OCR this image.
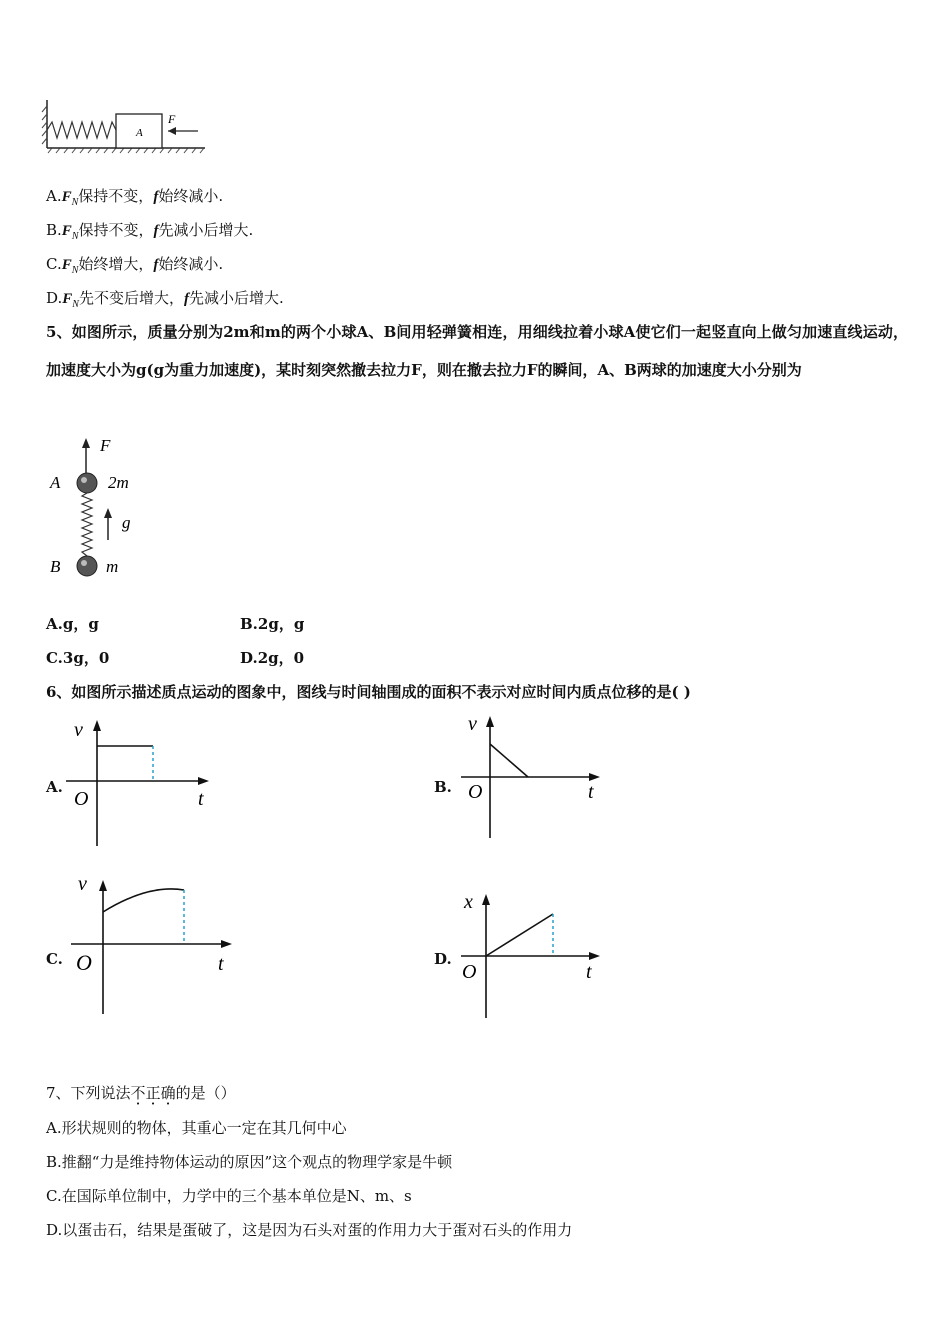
A
F
$A.F_N$保持不变，f始终减小.
$B.F_N$保持不变，f先减小后增大.
$C.F_N$始终增大，f始终减小.
$D.F_N$先不变后增大，f先减小后增大.
5、如图所示，质量分别为2m和m的两个小球A、B间用轻弹簧相连，用细线拉着小球A使它们一起竖直向上做匀加速直线运动，加速度大小为g(g为重力加速度)，某时刻突然撤去拉力F，则在撤去拉力F的瞬间，A、B两球的加速度大小分别为
F
A	2m
g
B	m
A.g，g	B.2g，g
C.3g，0	D.2g，0
6、如图所示描述质点运动的图象中，图线与时间轴围成的面积不表示对应时间内质点位移的是( )
A.
v
O	t
B.
v
O	t
C.
v
O	t	D.
x
O	t
7、下列说法不正确的是（）
A.形状规则的物体，其重心一定在其几何中心
B.推翻“力是维持物体运动的原因”这个观点的物理学家是牛顿
C.在国际单位制中，力学中的三个基本单位是N、m、s
D.以蛋击石，结果是蛋破了，这是因为石头对蛋的作用力大于蛋对石头的作用力
